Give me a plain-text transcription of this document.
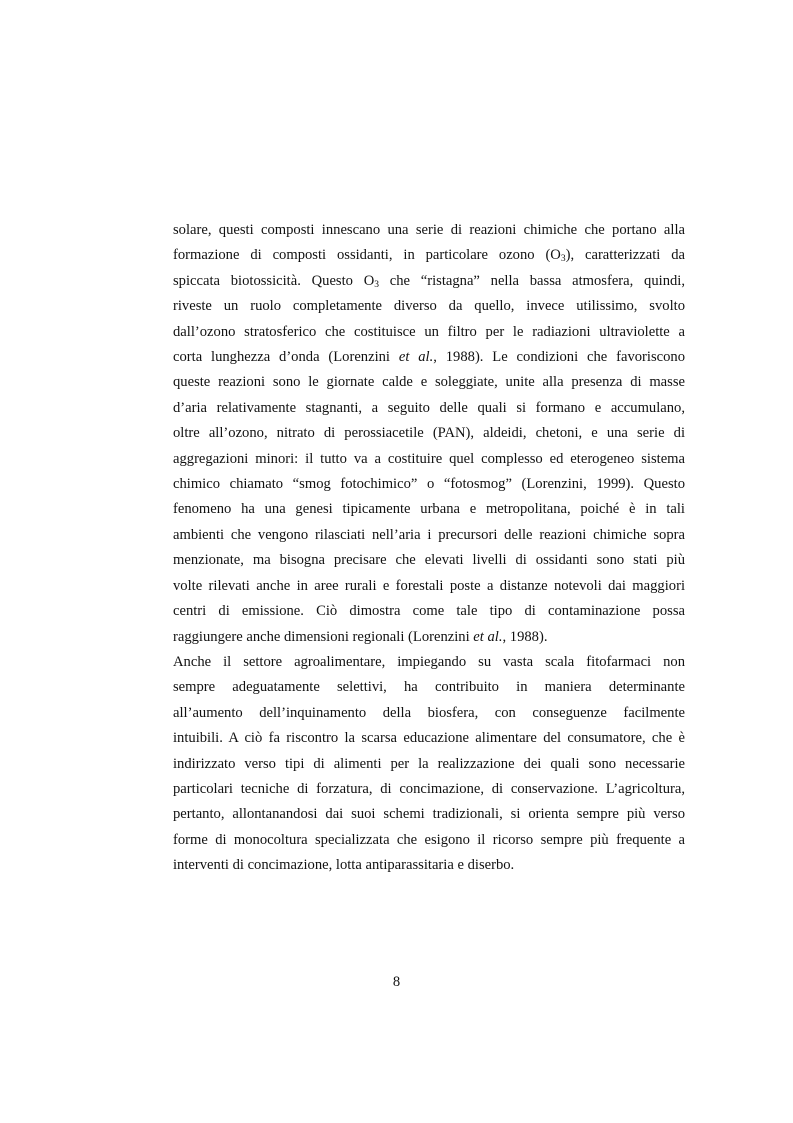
solare, questi composti innescano una serie di reazioni chimiche che portano alla
formazione di composti ossidanti, in particolare ozono $(O_3)$, caratterizzati da
spiccata biotossicità. Questo $O_3$ che “ristagna” nella bassa atmosfera, quindi,
riveste un ruolo completamente diverso da quello, invece utilissimo, svolto
dall’ozono stratosferico che costituisce un filtro per le radiazioni ultraviolette a
corta lunghezza d’onda (Lorenzini et al., 1988). Le condizioni che favoriscono
queste reazioni sono le giornate calde e soleggiate, unite alla presenza di masse
d’aria relativamente stagnanti, a seguito delle quali si formano e accumulano,
oltre all’ozono, nitrato di perossiacetile (PAN), aldeidi, chetoni, e una serie di
aggregazioni minori: il tutto va a costituire quel complesso ed eterogeneo sistema
chimico chiamato “smog fotochimico” o “fotosmog” (Lorenzini, 1999). Questo
fenomeno ha una genesi tipicamente urbana e metropolitana, poiché è in tali
ambienti che vengono rilasciati nell’aria i precursori delle reazioni chimiche sopra
menzionate, ma bisogna precisare che elevati livelli di ossidanti sono stati più
volte rilevati anche in aree rurali e forestali poste a distanze notevoli dai maggiori
centri di emissione. Ciò dimostra come tale tipo di contaminazione possa
raggiungere anche dimensioni regionali (Lorenzini et al., 1988).

Anche il settore agroalimentare, impiegando su vasta scala fitofarmaci non
sempre adeguatamente selettivi, ha contribuito in maniera determinante
all’aumento dell’inquinamento della biosfera, con conseguenze facilmente
intuibili. A ciò fa riscontro la scarsa educazione alimentare del consumatore, che è
indirizzato verso tipi di alimenti per la realizzazione dei quali sono necessarie
particolari tecniche di forzatura, di concimazione, di conservazione. L’agricoltura,
pertanto, allontanandosi dai suoi schemi tradizionali, si orienta sempre più verso
forme di monocoltura specializzata che esigono il ricorso sempre più frequente a
interventi di concimazione, lotta antiparassitaria e diserbo.

8
